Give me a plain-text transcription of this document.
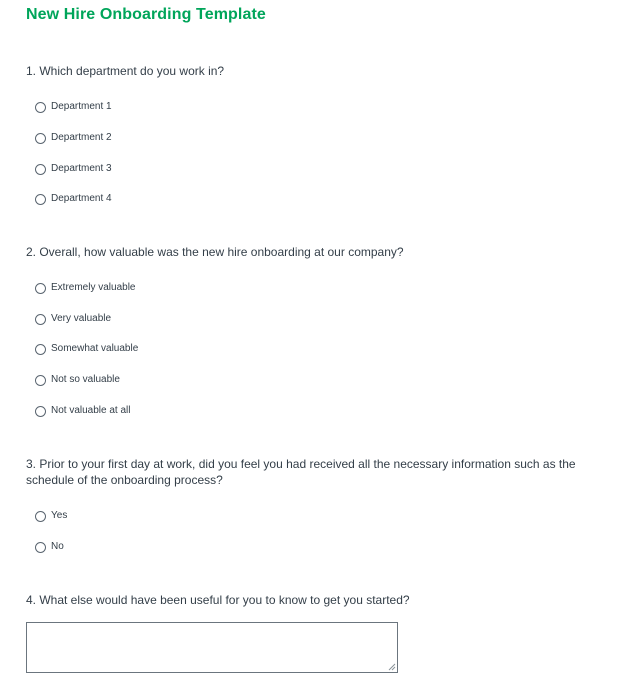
New Hire Onboarding Template
1. Which department do you work in?
Department 1
Department 2
Department 3
Department 4
2. Overall, how valuable was the new hire onboarding at our company?
Extremely valuable
Very valuable
Somewhat valuable
Not so valuable
Not valuable at all
3. Prior to your first day at work, did you feel you had received all the necessary information such as the schedule of the onboarding process?
Yes
No
4. What else would have been useful for you to know to get you started?
